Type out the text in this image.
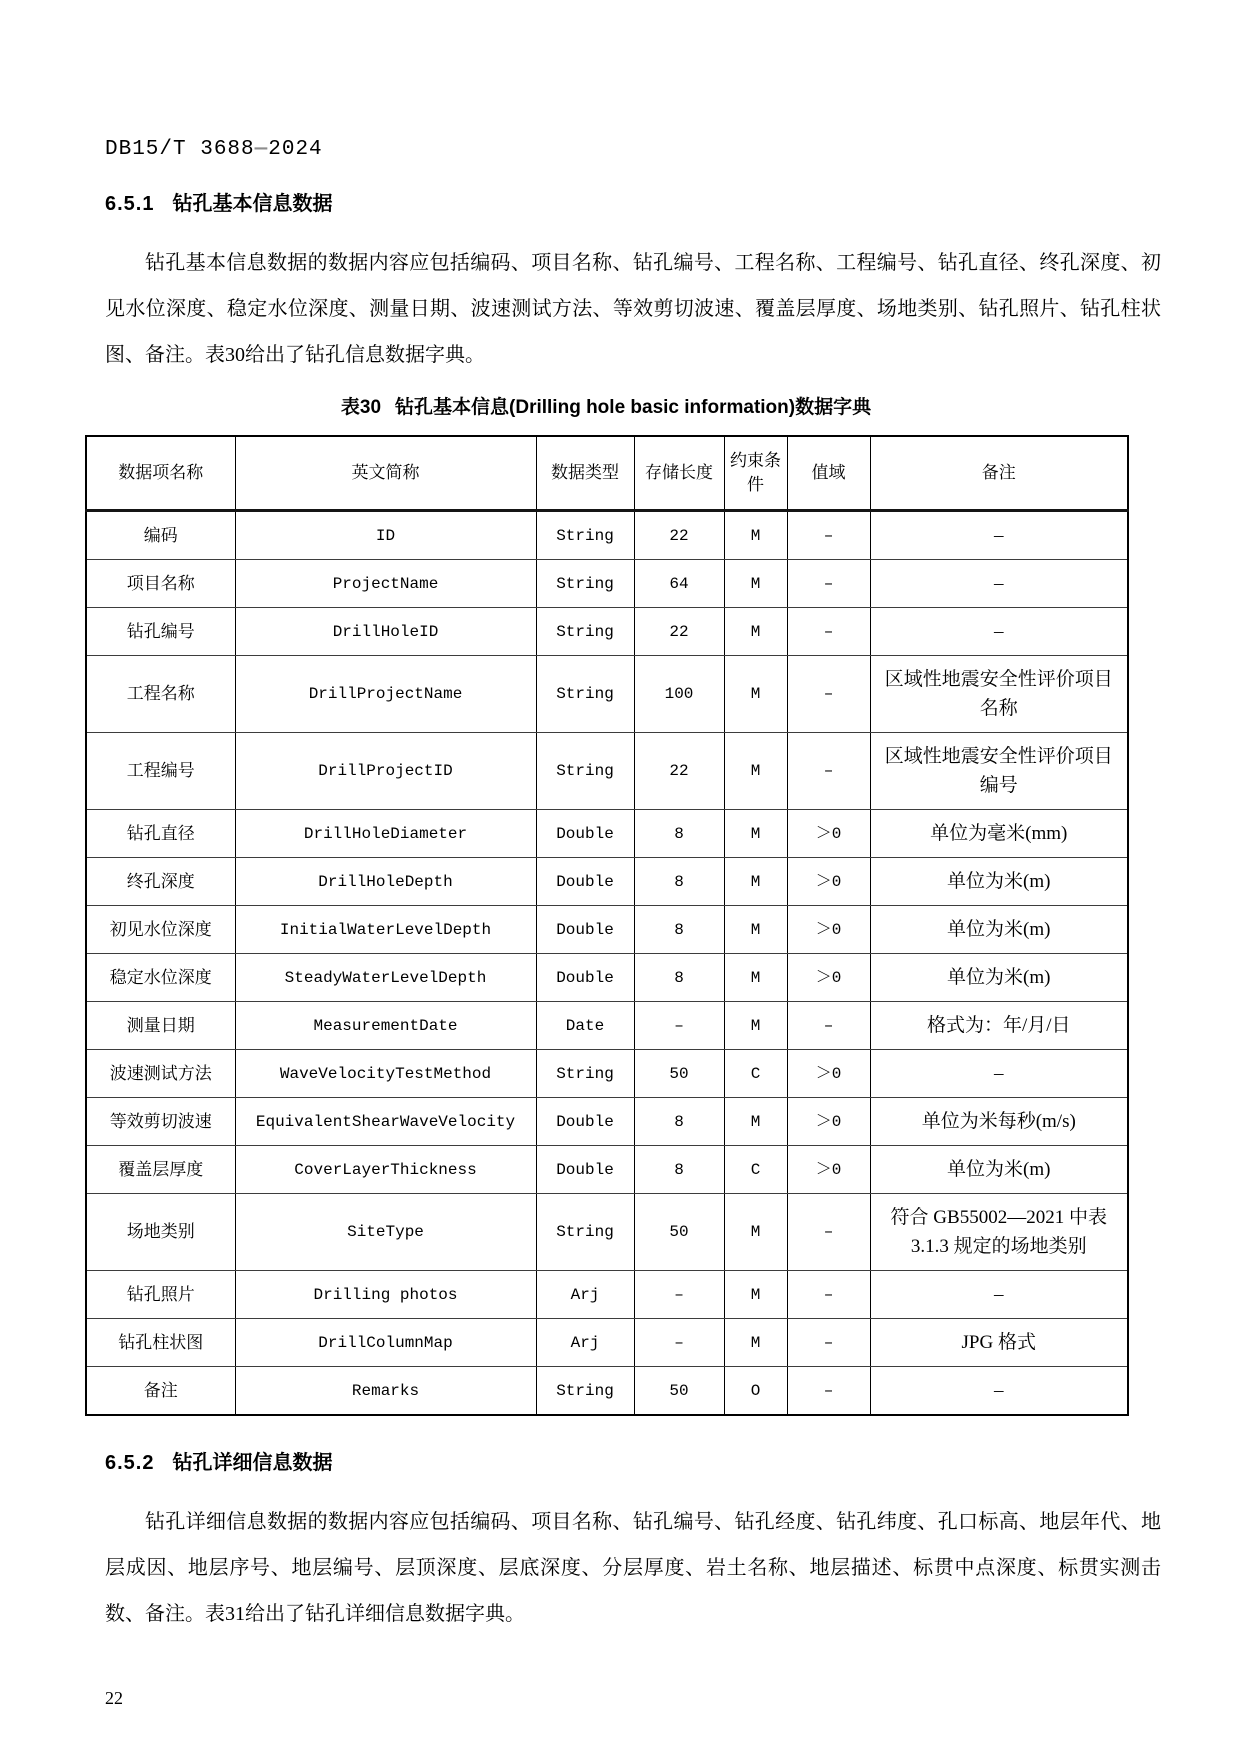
DB15/T 3688—2024
6.5.1 钻孔基本信息数据

钻孔基本信息数据的数据内容应包括编码、项目名称、钻孔编号、工程名称、工程编号、钻孔直径、终孔深度、初见水位深度、稳定水位深度、测量日期、波速测试方法、等效剪切波速、覆盖层厚度、场地类别、钻孔照片、钻孔柱状图、备注。表30给出了钻孔信息数据字典。

表30 钻孔基本信息(Drilling hole basic information)数据字典
数据项名称	英文简称	数据类型	存储长度	约束条件	值域	备注
编码	ID	String	22	M	–	–
项目名称	ProjectName	String	64	M	–	–
钻孔编号	DrillHoleID	String	22	M	–	–
工程名称	DrillProjectName	String	100	M	–	区域性地震安全性评价项目名称
工程编号	DrillProjectID	String	22	M	–	区域性地震安全性评价项目编号
钻孔直径	DrillHoleDiameter	Double	8	M	＞0	单位为毫米(mm)
终孔深度	DrillHoleDepth	Double	8	M	＞0	单位为米(m)
初见水位深度	InitialWaterLevelDepth	Double	8	M	＞0	单位为米(m)
稳定水位深度	SteadyWaterLevelDepth	Double	8	M	＞0	单位为米(m)
测量日期	MeasurementDate	Date	–	M	–	格式为：年/月/日
波速测试方法	WaveVelocityTestMethod	String	50	C	＞0	–
等效剪切波速	EquivalentShearWaveVelocity	Double	8	M	＞0	单位为米每秒(m/s)
覆盖层厚度	CoverLayerThickness	Double	8	C	＞0	单位为米(m)
场地类别	SiteType	String	50	M	–	符合 GB55002—2021 中表 3.1.3 规定的场地类别
钻孔照片	Drilling photos	Arj	–	M	–	–
钻孔柱状图	DrillColumnMap	Arj	–	M	–	JPG 格式
备注	Remarks	String	50	O	–	–
6.5.2 钻孔详细信息数据

钻孔详细信息数据的数据内容应包括编码、项目名称、钻孔编号、钻孔经度、钻孔纬度、孔口标高、地层年代、地层成因、地层序号、地层编号、层顶深度、层底深度、分层厚度、岩土名称、地层描述、标贯中点深度、标贯实测击数、备注。表31给出了钻孔详细信息数据字典。

22
